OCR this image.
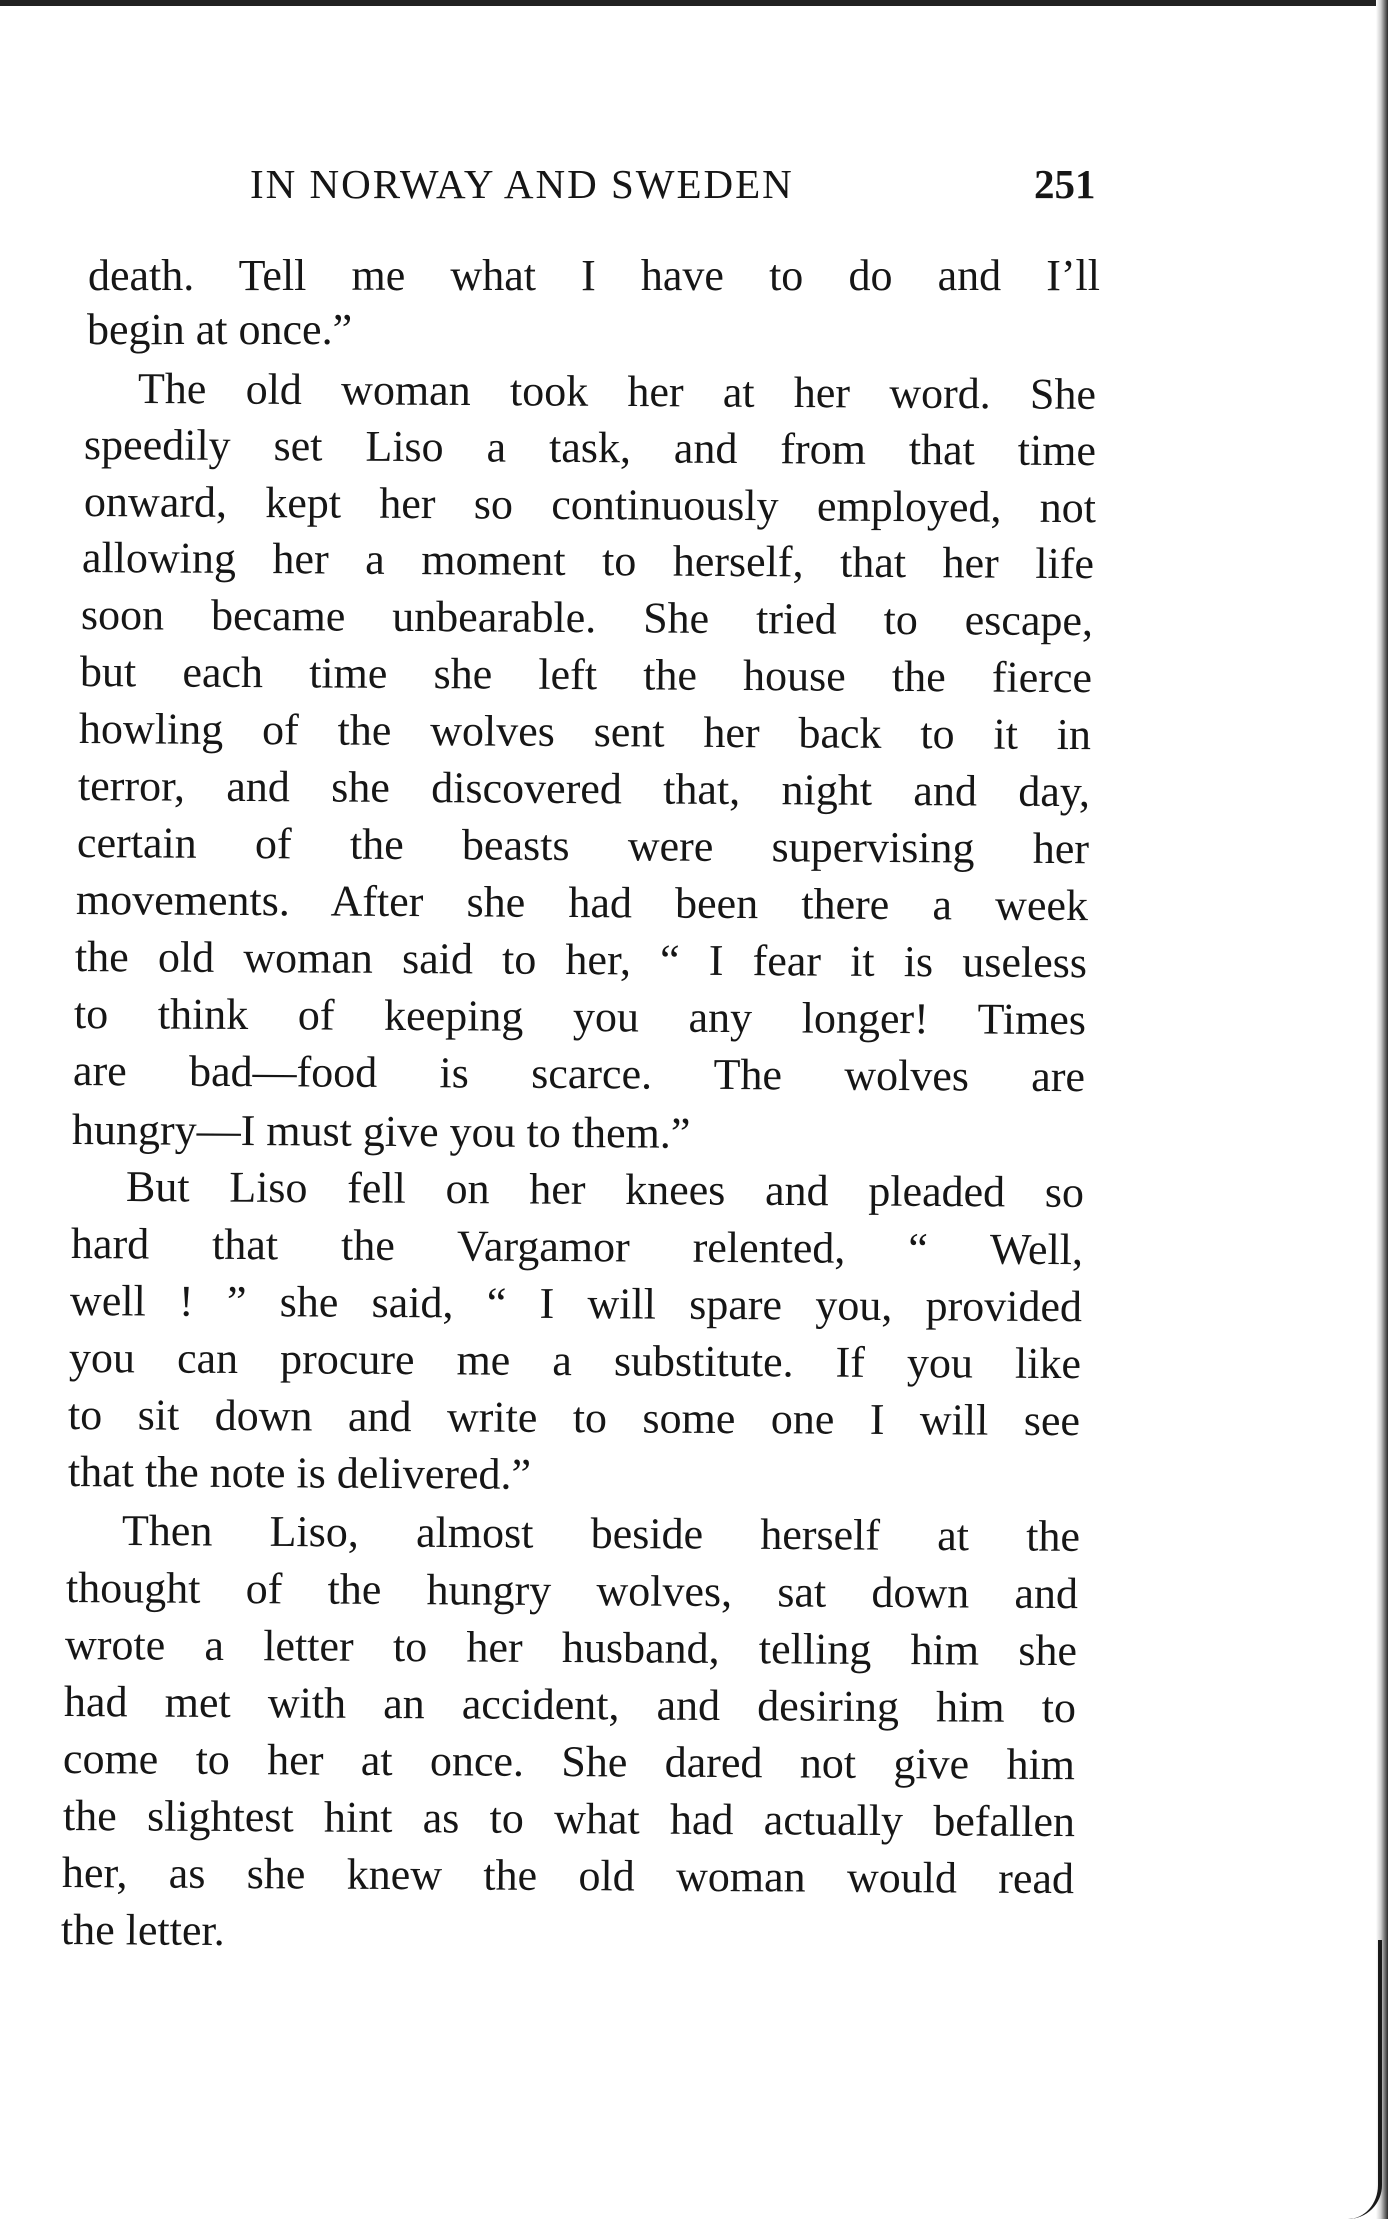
IN NORWAY AND SWEDEN	251
death. Tell me what I have to do and I’ll
begin at once.”
The old woman took her at her word. She
speedily set Liso a task, and from that time
onward, kept her so continuously employed, not
allowing her a moment to herself, that her life
soon became unbearable. She tried to escape,
but each time she left the house the fierce
howling of the wolves sent her back to it in
terror, and she discovered that, night and day,
certain of the beasts were supervising her
movements. After she had been there a week
the old woman said to her, “ I fear it is useless
to think of keeping you any longer! Times
are bad—food is scarce. The wolves are
hungry—I must give you to them.”
But Liso fell on her knees and pleaded so
hard that the Vargamor relented, “ Well,
well ! ” she said, “ I will spare you, provided
you can procure me a substitute. If you like
to sit down and write to some one I will see
that the note is delivered.”
Then Liso, almost beside herself at the
thought of the hungry wolves, sat down and
wrote a letter to her husband, telling him she
had met with an accident, and desiring him to
come to her at once. She dared not give him
the slightest hint as to what had actually befallen
her, as she knew the old woman would read
the letter.
